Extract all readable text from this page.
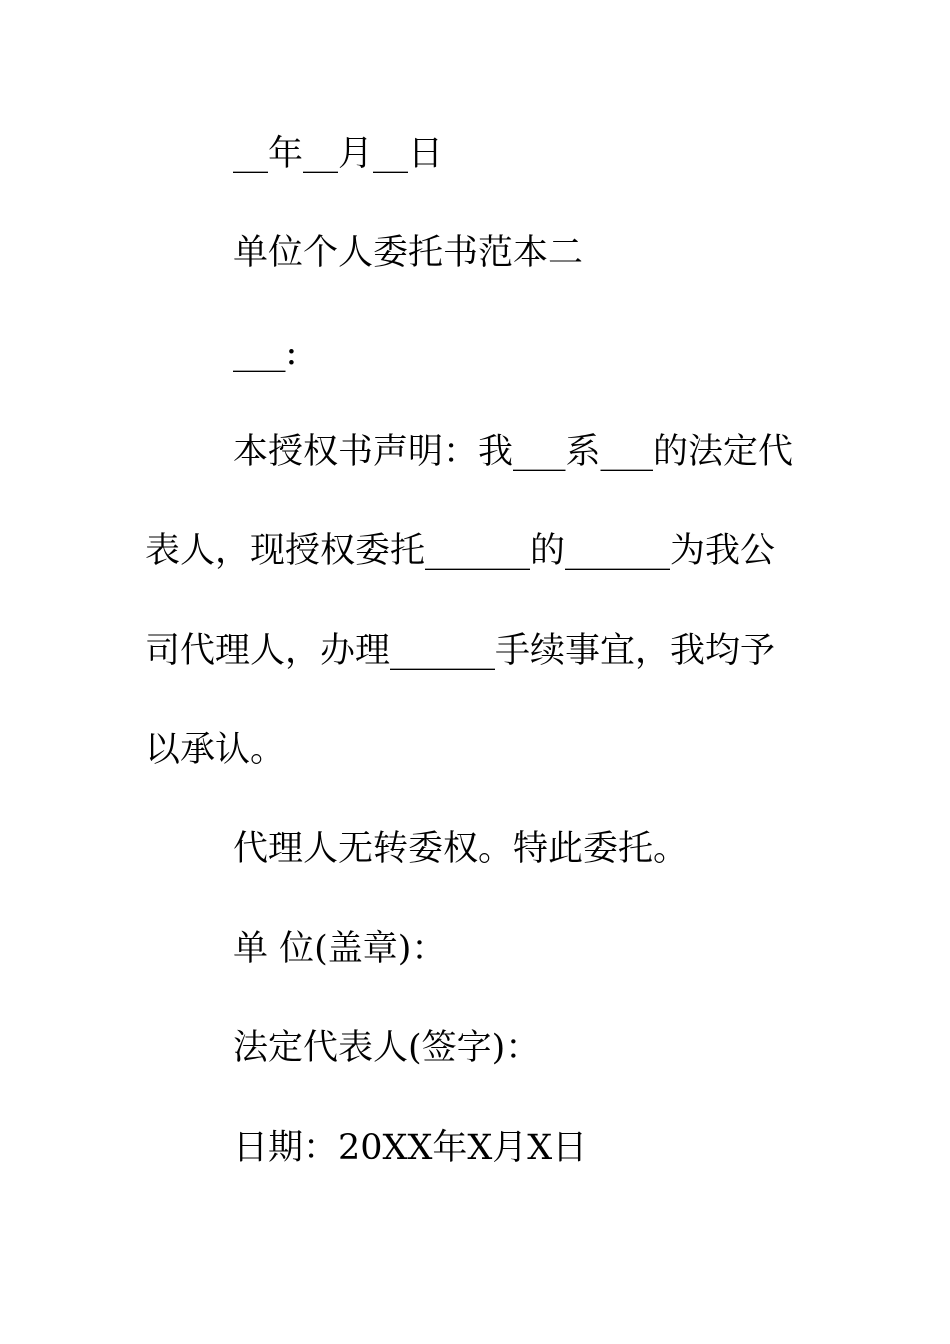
__年__月__日
单位个人委托书范本二
___:
本授权书声明：我___系___的法定代
表人，现授权委托______的______为我公
司代理人，办理______手续事宜，我均予
以承认。
代理人无转委权。特此委托。
单 位(盖章)：
法定代表人(签字)：
日期：20XX年X月X日
